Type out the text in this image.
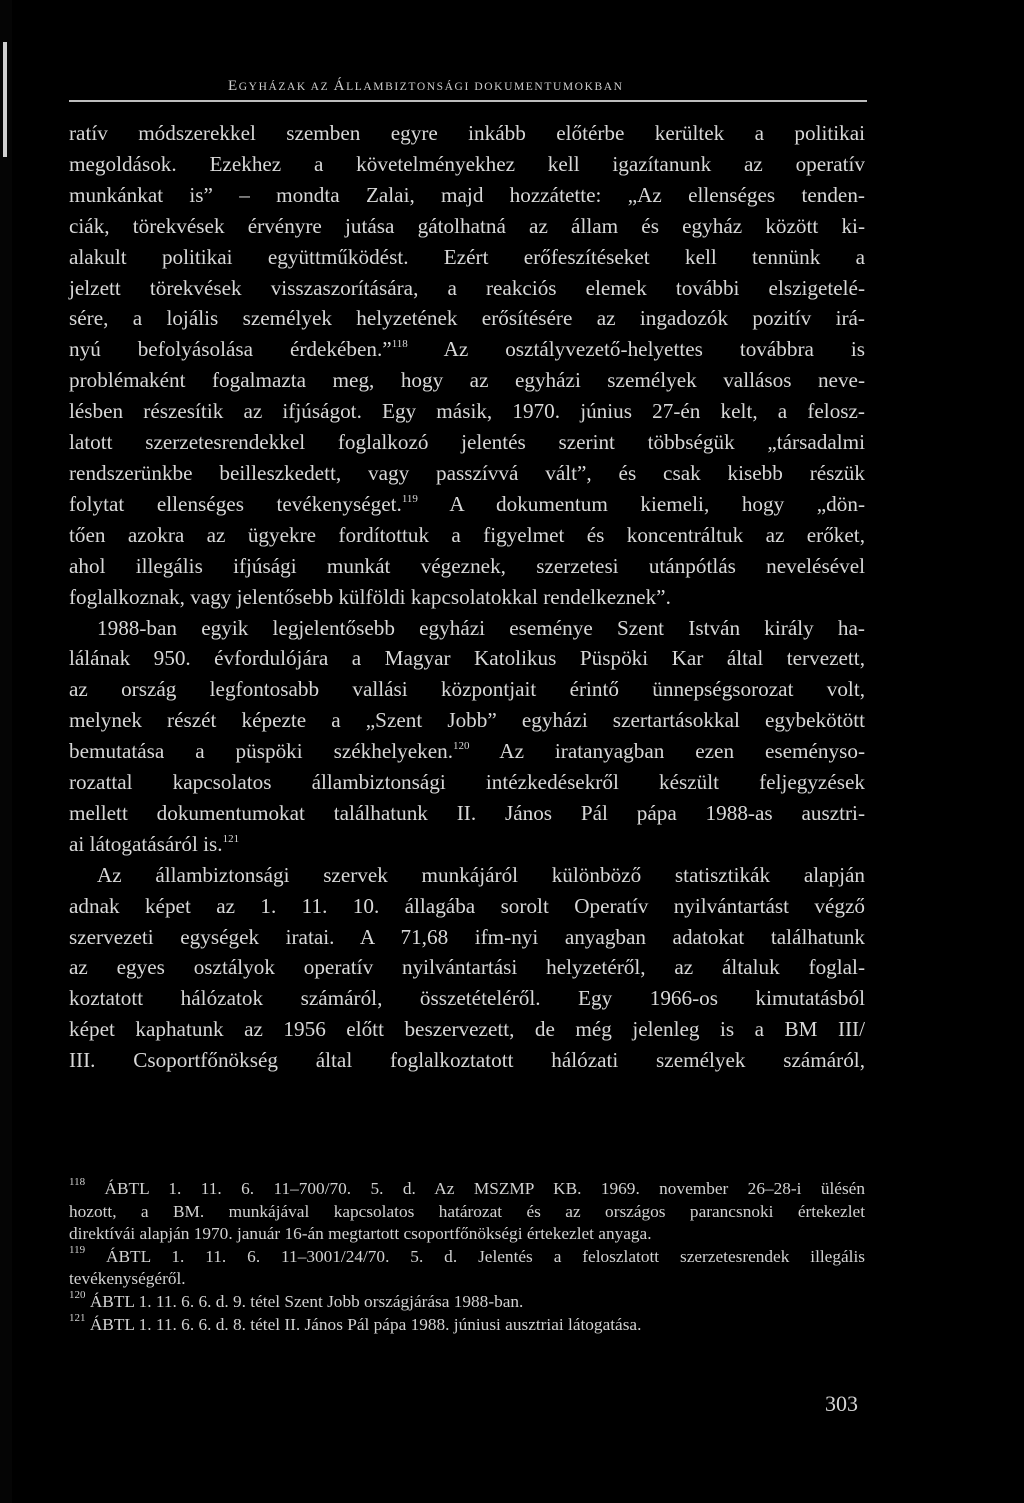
EGYHÁZAK AZ ÁLLAMBIZTONSÁGI DOKUMENTUMOKBAN
ratív módszerekkel szemben egyre inkább előtérbe kerültek a politikai
megoldások. Ezekhez a követelményekhez kell igazítanunk az operatív
munkánkat is” – mondta Zalai, majd hozzátette: „Az ellenséges tenden-
ciák, törekvések érvényre jutása gátolhatná az állam és egyház között ki-
alakult politikai együttműködést. Ezért erőfeszítéseket kell tennünk a
jelzett törekvések visszaszorítására, a reakciós elemek további elszigetelé-
sére, a lojális személyek helyzetének erősítésére az ingadozók pozitív irá-
nyú befolyásolása érdekében.”$^{118}$ Az osztályvezető-helyettes továbbra is
problémaként fogalmazta meg, hogy az egyházi személyek vallásos neve-
lésben részesítik az ifjúságot. Egy másik, 1970. június 27-én kelt, a felosz-
latott szerzetesrendekkel foglalkozó jelentés szerint többségük „társadalmi
rendszerünkbe beilleszkedett, vagy passzívvá vált”, és csak kisebb részük
folytat ellenséges tevékenységet.$^{119}$ A dokumentum kiemeli, hogy „dön-
tően azokra az ügyekre fordítottuk a figyelmet és koncentráltuk az erőket,
ahol illegális ifjúsági munkát végeznek, szerzetesi utánpótlás nevelésével
foglalkoznak, vagy jelentősebb külföldi kapcsolatokkal rendelkeznek”.
1988-ban egyik legjelentősebb egyházi eseménye Szent István király ha-
lálának 950. évfordulójára a Magyar Katolikus Püspöki Kar által tervezett,
az ország legfontosabb vallási központjait érintő ünnepségsorozat volt,
melynek részét képezte a „Szent Jobb” egyházi szertartásokkal egybekötött
bemutatása a püspöki székhelyeken.$^{120}$ Az iratanyagban ezen eseménysо-
rozattal kapcsolatos állambiztonsági intézkedésekről készült feljegyzések
mellett dokumentumokat találhatunk II. János Pál pápa 1988-as ausztri-
ai látogatásáról is.$^{121}$
Az állambiztonsági szervek munkájáról különböző statisztikák alapján
adnak képet az 1. 11. 10. állagába sorolt Operatív nyilvántartást végző
szervezeti egységek iratai. A 71,68 ifm-nyi anyagban adatokat találhatunk
az egyes osztályok operatív nyilvántartási helyzetéről, az általuk foglal-
koztatott hálózatok számáról, összetételéről. Egy 1966-os kimutatásból
képet kaphatunk az 1956 előtt beszervezett, de még jelenleg is a BM III/
III. Csoportfőnökség által foglalkoztatott hálózati személyek számáról,
$^{118}$ ÁBTL 1. 11. 6. 11–700/70. 5. d. Az MSZMP KB. 1969. november 26–28-i ülésén
hozott, a BM. munkájával kapcsolatos határozat és az országos parancsnoki értekezlet
direktívái alapján 1970. január 16-án megtartott csoportfőnökségi értekezlet anyaga.
$^{119}$ ÁBTL 1. 11. 6. 11–3001/24/70. 5. d. Jelentés a feloszlatott szerzetesrendek illegális
tevékenységéről.
$^{120}$ ÁBTL 1. 11. 6. 6. d. 9. tétel Szent Jobb országjárása 1988-ban.
$^{121}$ ÁBTL 1. 11. 6. 6. d. 8. tétel II. János Pál pápa 1988. júniusi ausztriai látogatása.
303
